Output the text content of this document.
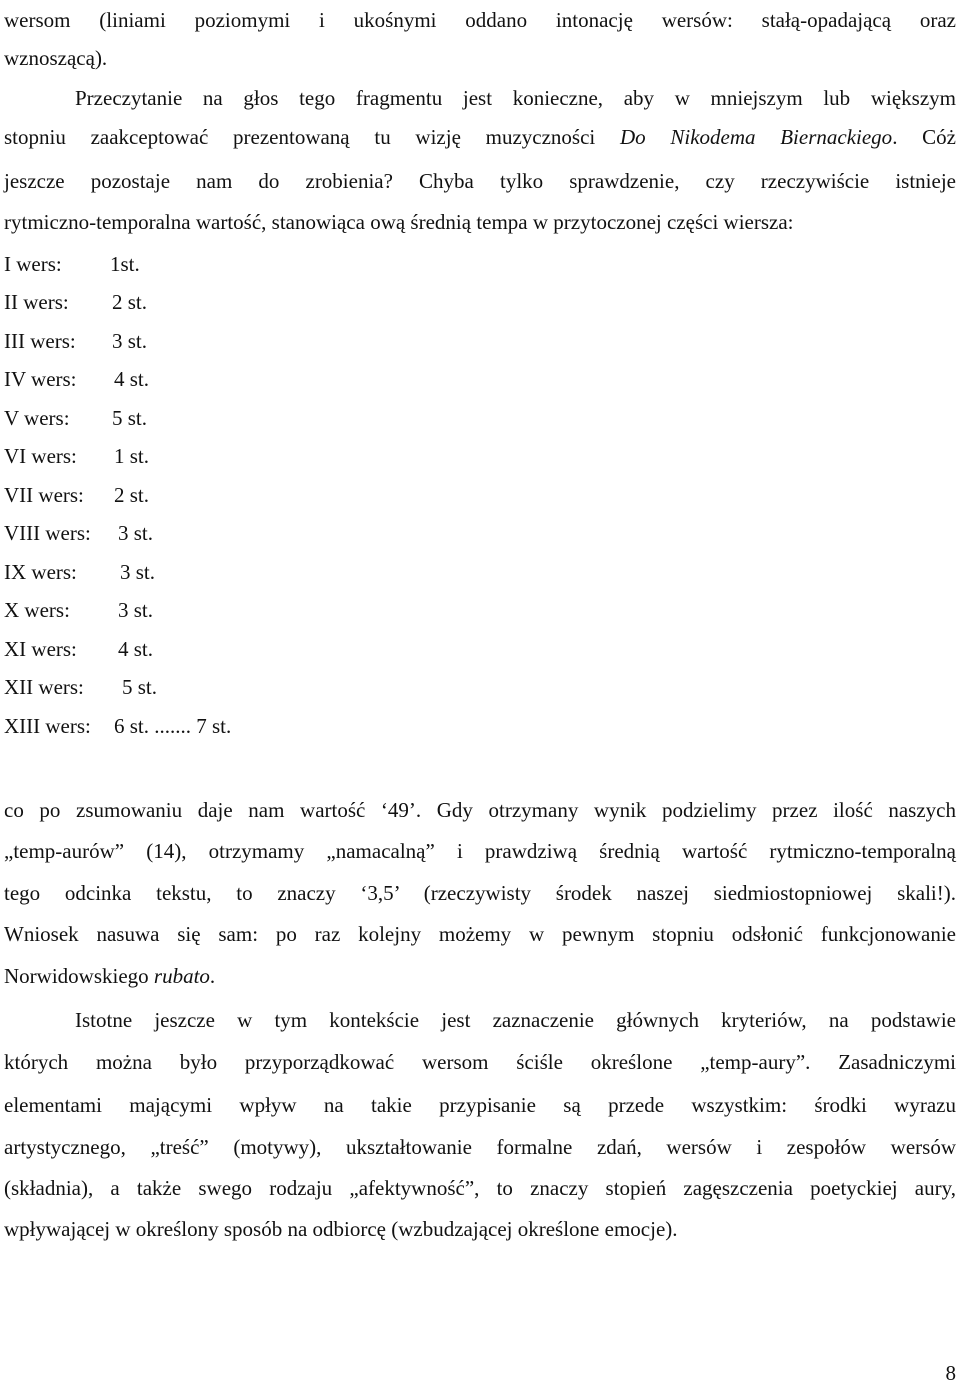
wersom (liniami poziomymi i ukośnymi oddano intonację wersów: stałą-opadającą oraz
wznoszącą).
Przeczytanie na głos tego fragmentu jest konieczne, aby w mniejszym lub większym
stopniu zaakceptować prezentowaną tu wizję muzyczności Do Nikodema Biernackiego. Cóż
jeszcze pozostaje nam do zrobienia? Chyba tylko sprawdzenie, czy rzeczywiście istnieje
rytmiczno-temporalna wartość, stanowiąca ową średnią tempa w przytoczonej części wiersza:
I wers: 1st.
II wers: 2 st.
III wers: 3 st.
IV wers: 4 st.
V wers: 5 st.
VI wers: 1 st.
VII wers: 2 st.
VIII wers: 3 st.
IX wers: 3 st.
X wers: 3 st.
XI wers: 4 st.
XII wers: 5 st.
XIII wers: 6 st. ....... 7 st.
co po zsumowaniu daje nam wartość ‘49’. Gdy otrzymany wynik podzielimy przez ilość naszych
„temp-aurów” (14), otrzymamy „namacalną” i prawdziwą średnią wartość rytmiczno-temporalną
tego odcinka tekstu, to znaczy ‘3,5’ (rzeczywisty środek naszej siedmiostopniowej skali!).
Wniosek nasuwa się sam: po raz kolejny możemy w pewnym stopniu odsłonić funkcjonowanie
Norwidowskiego rubato.
Istotne jeszcze w tym kontekście jest zaznaczenie głównych kryteriów, na podstawie
których można było przyporządkować wersom ściśle określone „temp-aury”. Zasadniczymi
elementami mającymi wpływ na takie przypisanie są przede wszystkim: środki wyrazu
artystycznego, „treść” (motywy), ukształtowanie formalne zdań, wersów i zespołów wersów
(składnia), a także swego rodzaju „afektywność”, to znaczy stopień zagęszczenia poetyckiej aury,
wpływającej w określony sposób na odbiorcę (wzbudzającej określone emocje).
8
